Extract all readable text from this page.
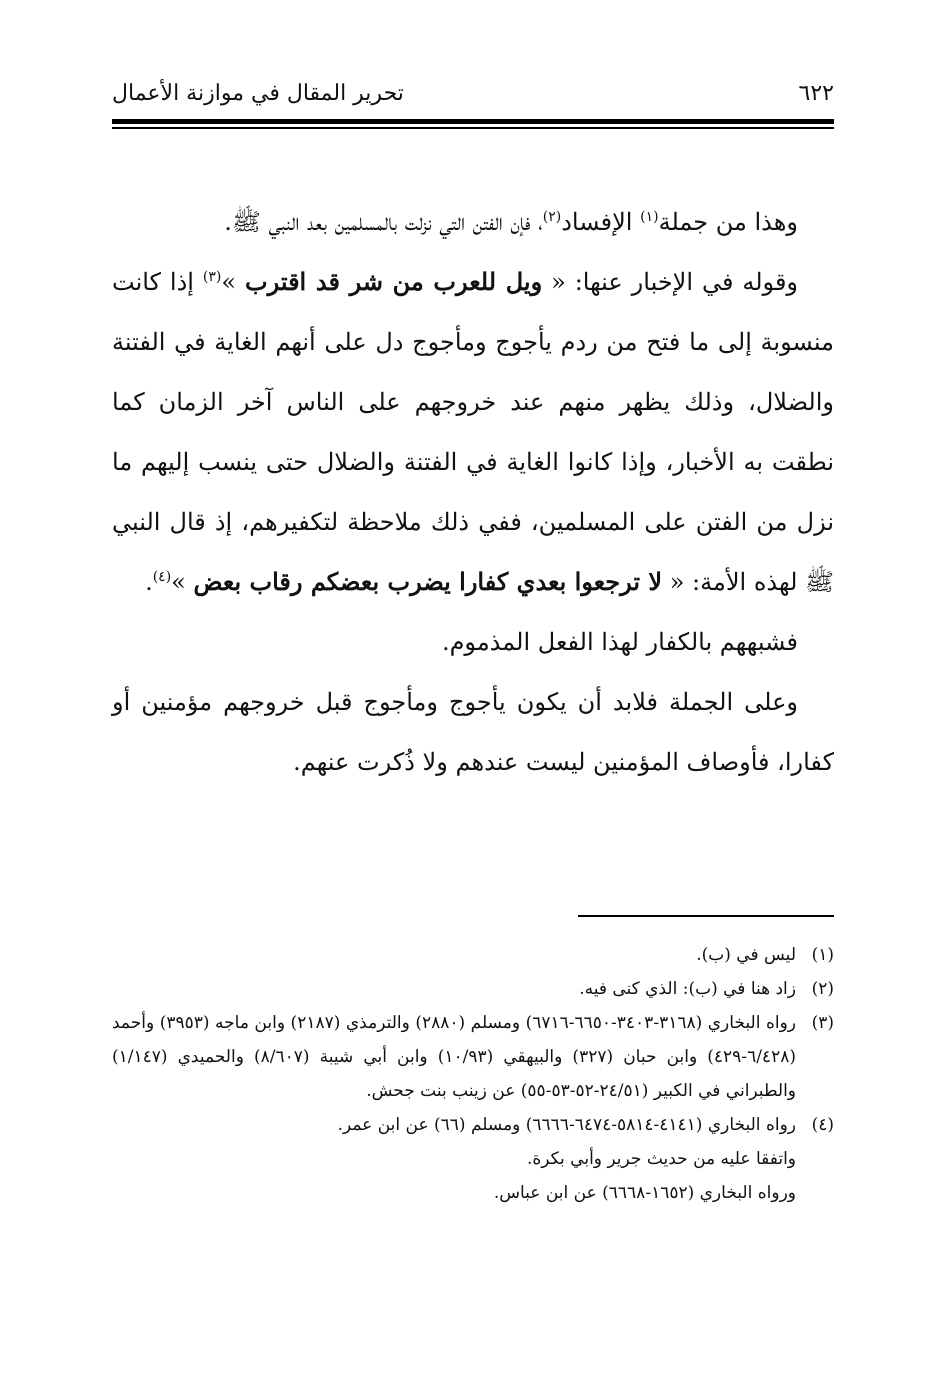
٦٢٢
تحرير المقال في موازنة الأعمال

وهذا من جملة$^{(١)}$ الإفساد$^{(٢)}$، فإن الفتن التي نزلت بالمسلمين بعد النبي ﷺ.

وقوله في الإخبار عنها: « ويل للعرب من شر قد اقترب »$^{(٣)}$ إذا كانت منسوبة إلى ما فتح من ردم يأجوج ومأجوج دل على أنهم الغاية في الفتنة والضلال، وذلك يظهر منهم عند خروجهم على الناس آخر الزمان كما نطقت به الأخبار، وإذا كانوا الغاية في الفتنة والضلال حتى ينسب إليهم ما نزل من الفتن على المسلمين، ففي ذلك ملاحظة لتكفيرهم، إذ قال النبي ﷺ لهذه الأمة: « لا ترجعوا بعدي كفارا يضرب بعضكم رقاب بعض »$^{(٤)}$.

فشبههم بالكفار لهذا الفعل المذموم.

وعلى الجملة فلابد أن يكون يأجوج ومأجوج قبل خروجهم مؤمنين أو كفارا، فأوصاف المؤمنين ليست عندهم ولا ذُكرت عنهم.

(١)
ليس في (ب).
(٢)
زاد هنا في (ب): الذي كنى فيه.
(٣)
رواه البخاري (٣١٦٨-٣٤٠٣-٦٦٥٠-٦٧١٦) ومسلم (٢٨٨٠) والترمذي (٢١٨٧) وابن ماجه (٣٩٥٣) وأحمد (٦/٤٢٨-٤٢٩) وابن حبان (٣٢٧) والبيهقي (١٠/٩٣) وابن أبي شيبة (٨/٦٠٧) والحميدي (١/١٤٧) والطبراني في الكبير (٢٤/٥١-٥٢-٥٣-٥٥) عن زينب بنت جحش.
(٤)
رواه البخاري (٤١٤١-٥٨١٤-٦٤٧٤-٦٦٦٦) ومسلم (٦٦) عن ابن عمر.
واتفقا عليه من حديث جرير وأبي بكرة.
ورواه البخاري (١٦٥٢-٦٦٦٨) عن ابن عباس.
